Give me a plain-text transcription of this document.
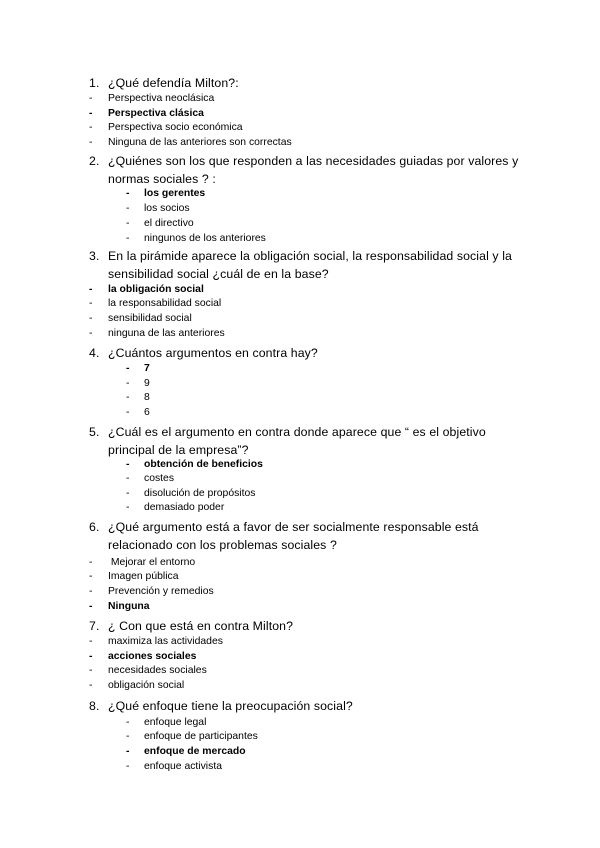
1. ¿Qué defendía Milton?:
- Perspectiva neoclásica
- Perspectiva clásica
- Perspectiva socio económica
- Ninguna de las anteriores son correctas
2. ¿Quiénes son los que responden a las necesidades guiadas por valores y normas sociales ? :
- los gerentes
- los socios
- el directivo
- ningunos de los anteriores
3. En la pirámide aparece la obligación social, la responsabilidad social y la sensibilidad social ¿cuál de en la base?
- la obligación social
- la responsabilidad social
- sensibilidad social
- ninguna de las anteriores
4. ¿Cuántos argumentos en contra hay?
- 7
- 9
- 8
- 6
5. ¿Cuál es el argumento en contra donde aparece que “ es el objetivo principal de la empresa”?
- obtención de beneficios
- costes
- disolución de propósitos
- demasiado poder
6. ¿Qué argumento está a favor de ser socialmente responsable está relacionado con los problemas sociales ?
- Mejorar el entorno
- Imagen pública
- Prevención y remedios
- Ninguna
7. ¿ Con que está en contra Milton?
- maximiza las actividades
- acciones sociales
- necesidades sociales
- obligación social
8. ¿Qué enfoque tiene la preocupación social?
- enfoque legal
- enfoque de participantes
- enfoque de mercado
- enfoque activista
